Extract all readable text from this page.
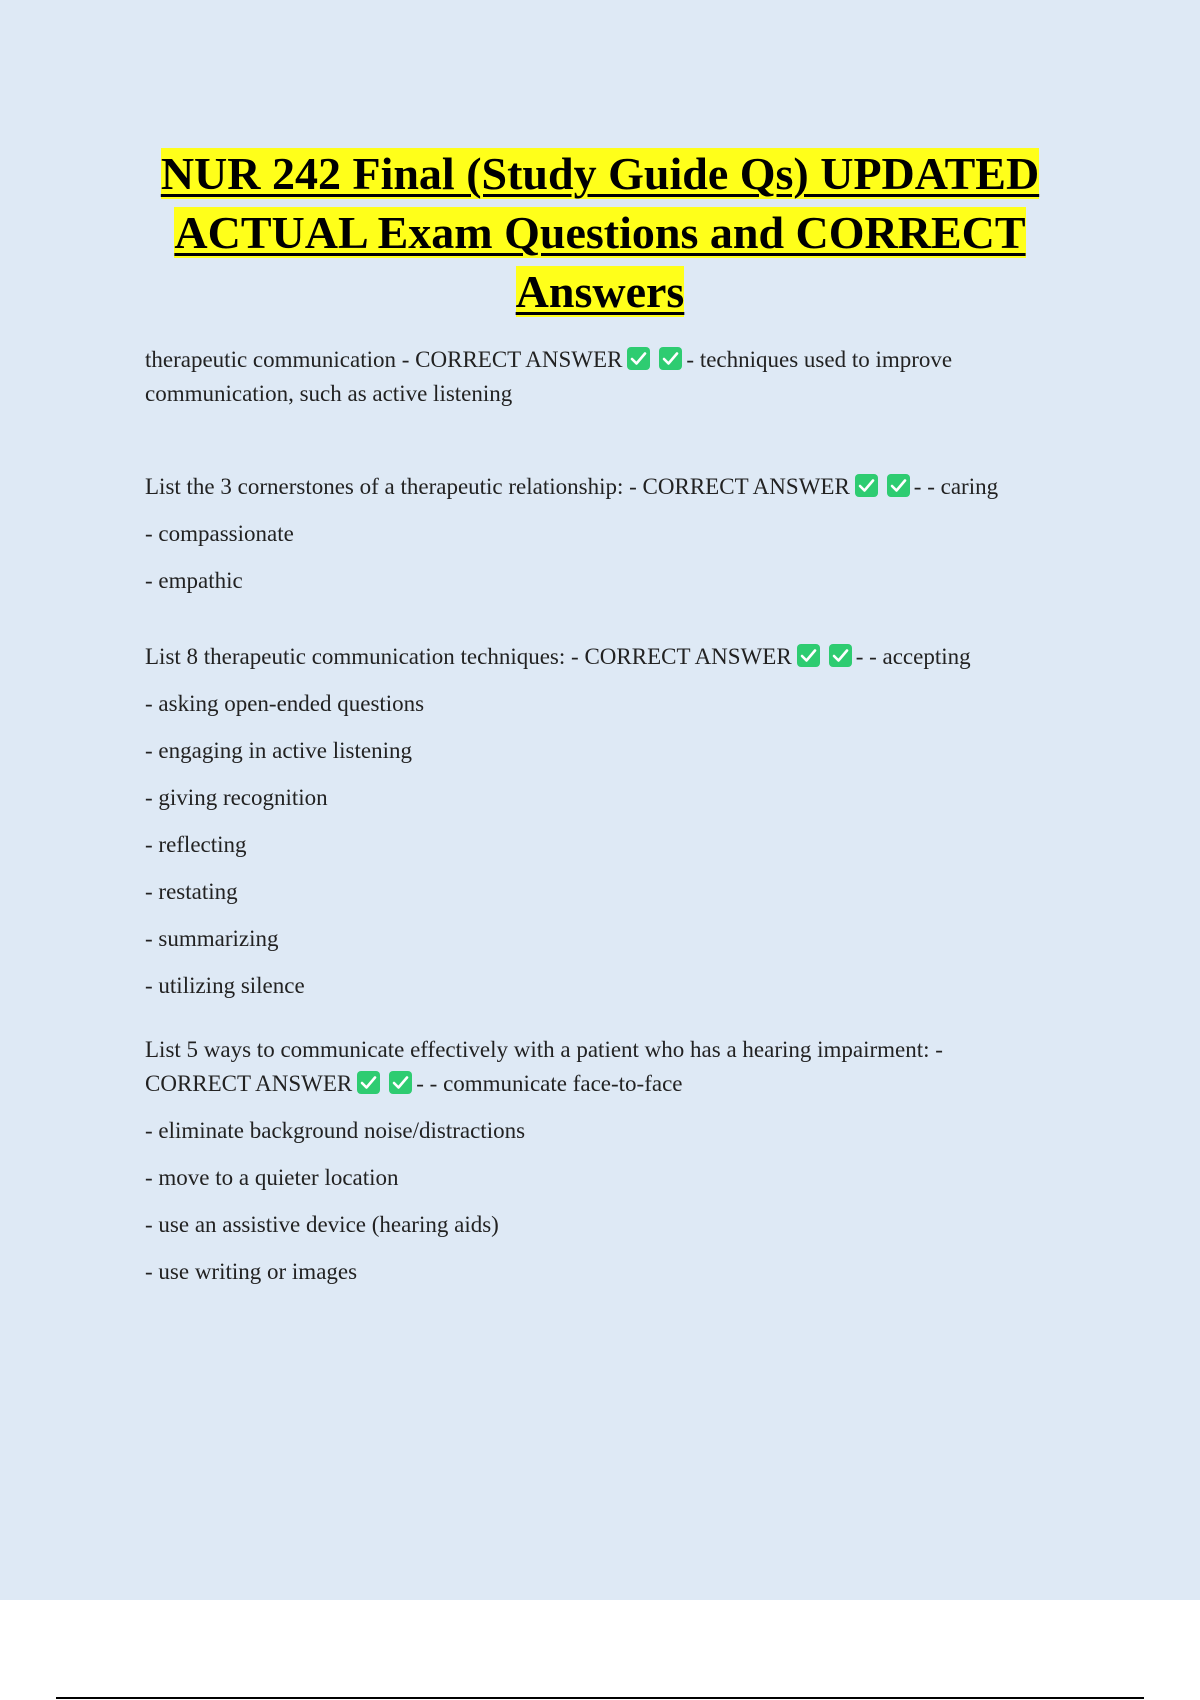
NUR 242 Final (Study Guide Qs) UPDATED
ACTUAL Exam Questions and CORRECT
Answers

therapeutic communication - CORRECT ANSWER	- techniques used to improve

communication, such as active listening

List the 3 cornerstones of a therapeutic relationship: - CORRECT ANSWER	- - caring

- compassionate

- empathic

List 8 therapeutic communication techniques: - CORRECT ANSWER	- - accepting

- asking open-ended questions

- engaging in active listening

- giving recognition

- reflecting

- restating

- summarizing

- utilizing silence

List 5 ways to communicate effectively with a patient who has a hearing impairment: -

CORRECT ANSWER	- - communicate face-to-face

- eliminate background noise/distractions

- move to a quieter location

- use an assistive device (hearing aids)

- use writing or images
